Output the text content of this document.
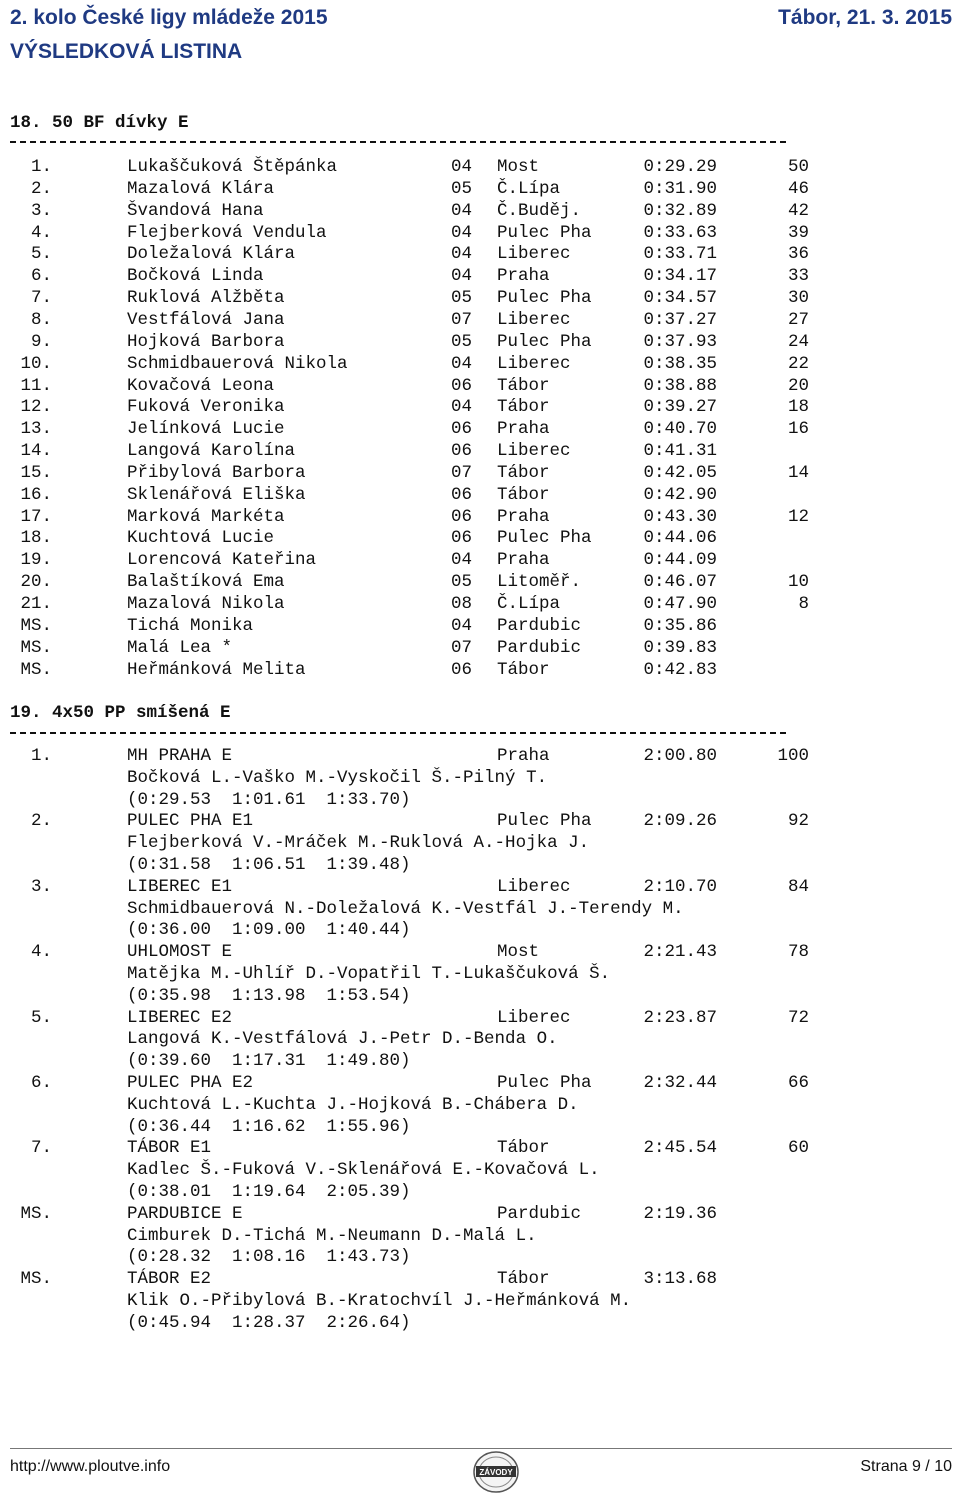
2. kolo České ligy mládeže 2015	Tábor, 21. 3. 2015
VÝSLEDKOVÁ LISTINA
18. 50 BF dívky E
1.	Lukaščuková Štěpánka	04 Most	0:29.29	50
2.	Mazalová Klára	05 Č.Lípa	0:31.90	46
3.	Švandová Hana	04 Č.Buděj.	0:32.89	42
4.	Flejberková Vendula	04 Pulec Pha	0:33.63	39
5.	Doležalová Klára	04 Liberec	0:33.71	36
6.	Bočková Linda	04 Praha	0:34.17	33
7.	Ruklová Alžběta	05 Pulec Pha	0:34.57	30
8.	Vestfálová Jana	07 Liberec	0:37.27	27
9.	Hojková Barbora	05 Pulec Pha	0:37.93	24
10.	Schmidbauerová Nikola	04 Liberec	0:38.35	22
11.	Kovačová Leona	06 Tábor	0:38.88	20
12.	Fuková Veronika	04 Tábor	0:39.27	18
13.	Jelínková Lucie	06 Praha	0:40.70	16
14.	Langová Karolína	06 Liberec	0:41.31
15.	Přibylová Barbora	07 Tábor	0:42.05	14
16.	Sklenářová Eliška	06 Tábor	0:42.90
17.	Marková Markéta	06 Praha	0:43.30	12
18.	Kuchtová Lucie	06 Pulec Pha	0:44.06
19.	Lorencová Kateřina	04 Praha	0:44.09
20.	Balaštíková Ema	05 Litoměř.	0:46.07	10
21.	Mazalová Nikola	08 Č.Lípa	0:47.90	8
MS.	Tichá Monika	04 Pardubic	0:35.86
MS.	Malá Lea *	07 Pardubic	0:39.83
MS.	Heřmánková Melita	06 Tábor	0:42.83
19. 4x50 PP smíšená E
1.	MH PRAHA E	Praha	2:00.80	100
Bočková L.-Vaško M.-Vyskočil Š.-Pilný T.
(0:29.53  1:01.61  1:33.70)
2.	PULEC PHA E1	Pulec Pha	2:09.26	92
Flejberková V.-Mráček M.-Ruklová A.-Hojka J.
(0:31.58  1:06.51  1:39.48)
3.	LIBEREC E1	Liberec	2:10.70	84
Schmidbauerová N.-Doležalová K.-Vestfál J.-Terendy M.
(0:36.00  1:09.00  1:40.44)
4.	UHLOMOST E	Most	2:21.43	78
Matějka M.-Uhlíř D.-Vopatřil T.-Lukaščuková Š.
(0:35.98  1:13.98  1:53.54)
5.	LIBEREC E2	Liberec	2:23.87	72
Langová K.-Vestfálová J.-Petr D.-Benda O.
(0:39.60  1:17.31  1:49.80)
6.	PULEC PHA E2	Pulec Pha	2:32.44	66
Kuchtová L.-Kuchta J.-Hojková B.-Chábera D.
(0:36.44  1:16.62  1:55.96)
7.	TÁBOR E1	Tábor	2:45.54	60
Kadlec Š.-Fuková V.-Sklenářová E.-Kovačová L.
(0:38.01  1:19.64  2:05.39)
MS.	PARDUBICE E	Pardubic	2:19.36
Cimburek D.-Tichá M.-Neumann D.-Malá L.
(0:28.32  1:08.16  1:43.73)
MS.	TÁBOR E2	Tábor	3:13.68
Klik O.-Přibylová B.-Kratochvíl J.-Heřmánková M.
(0:45.94  1:28.37  2:26.64)
http://www.ploutve.info	ZÁVODY	Strana 9 / 10
